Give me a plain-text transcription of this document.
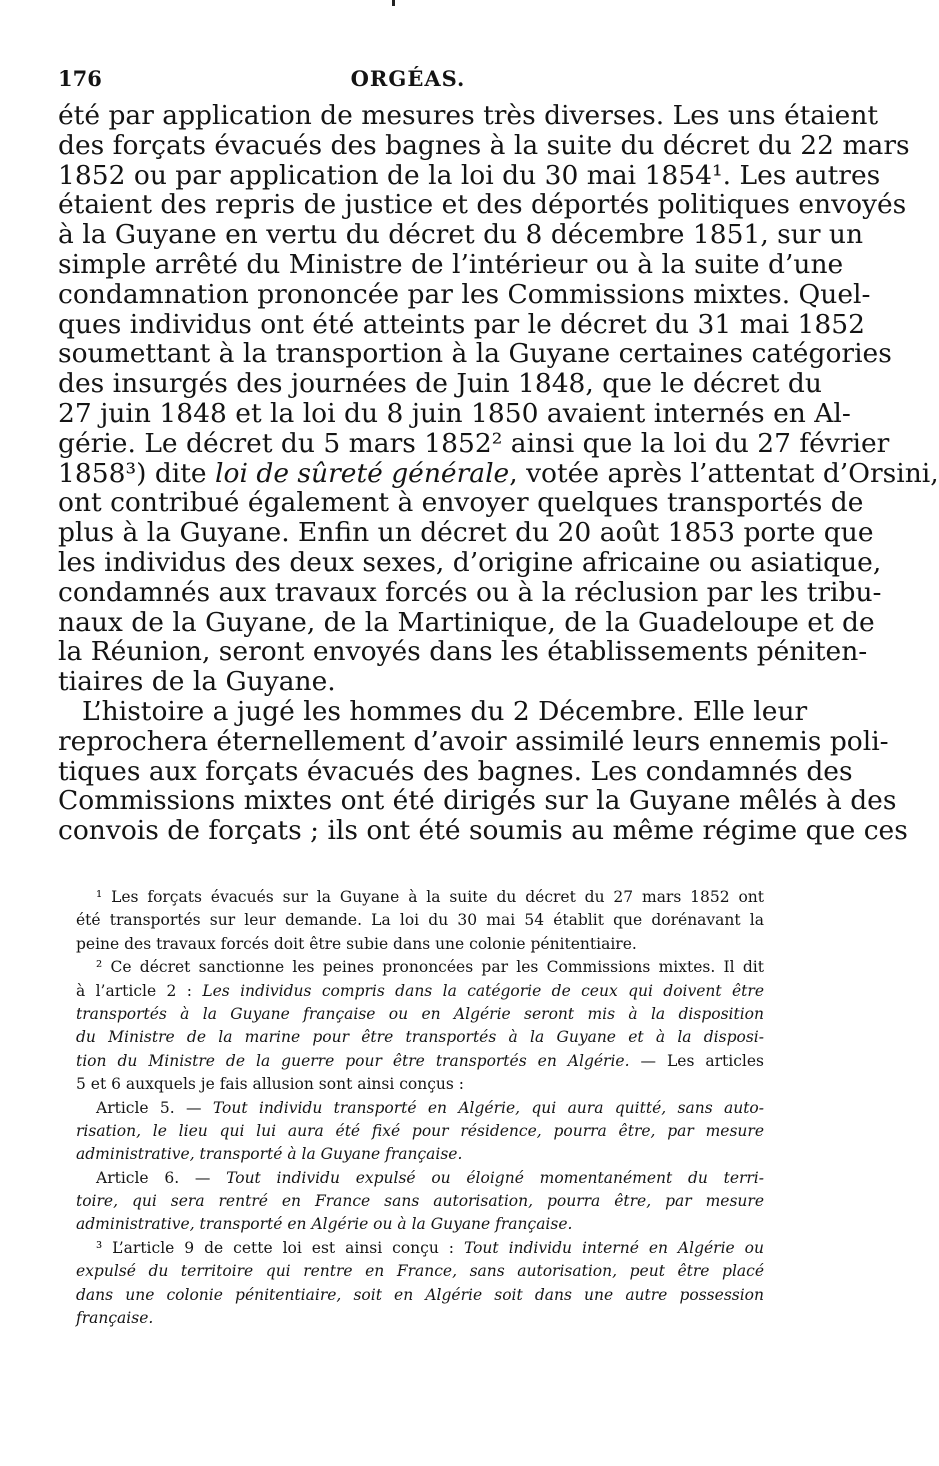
176	ORGÉAS.
été par application de mesures très diverses. Les uns étaient
des forçats évacués des bagnes à la suite du décret du 22 mars
1852 ou par application de la loi du 30 mai 1854¹. Les autres
étaient des repris de justice et des déportés politiques envoyés
à la Guyane en vertu du décret du 8 décembre 1851, sur un
simple arrêté du Ministre de l’intérieur ou à la suite d’une
condamnation prononcée par les Commissions mixtes. Quel-
ques individus ont été atteints par le décret du 31 mai 1852
soumettant à la transportion à la Guyane certaines catégories
des insurgés des journées de Juin 1848, que le décret du
27 juin 1848 et la loi du 8 juin 1850 avaient internés en Al-
gérie. Le décret du 5 mars 1852² ainsi que la loi du 27 février
1858³) dite loi de sûreté générale, votée après l’attentat d’Orsini,
ont contribué également à envoyer quelques transportés de
plus à la Guyane. Enfin un décret du 20 août 1853 porte que
les individus des deux sexes, d’origine africaine ou asiatique,
condamnés aux travaux forcés ou à la réclusion par les tribu-
naux de la Guyane, de la Martinique, de la Guadeloupe et de
la Réunion, seront envoyés dans les établissements péniten-
tiaires de la Guyane.
L’histoire a jugé les hommes du 2 Décembre. Elle leur
reprochera éternellement d’avoir assimilé leurs ennemis poli-
tiques aux forçats évacués des bagnes. Les condamnés des
Commissions mixtes ont été dirigés sur la Guyane mêlés à des
convois de forçats ; ils ont été soumis au même régime que ces
¹ Les forçats évacués sur la Guyane à la suite du décret du 27 mars 1852 ont
été transportés sur leur demande. La loi du 30 mai 54 établit que dorénavant la
peine des travaux forcés doit être subie dans une colonie pénitentiaire.
² Ce décret sanctionne les peines prononcées par les Commissions mixtes. Il dit
à l’article 2 : Les individus compris dans la catégorie de ceux qui doivent être
transportés à la Guyane française ou en Algérie seront mis à la disposition
du Ministre de la marine pour être transportés à la Guyane et à la disposi-
tion du Ministre de la guerre pour être transportés en Algérie. — Les articles
5 et 6 auxquels je fais allusion sont ainsi conçus :
Article 5. — Tout individu transporté en Algérie, qui aura quitté, sans auto-
risation, le lieu qui lui aura été fixé pour résidence, pourra être, par mesure
administrative, transporté à la Guyane française.
Article 6. — Tout individu expulsé ou éloigné momentanément du terri-
toire, qui sera rentré en France sans autorisation, pourra être, par mesure
administrative, transporté en Algérie ou à la Guyane française.
³ L’article 9 de cette loi est ainsi conçu : Tout individu interné en Algérie ou
expulsé du territoire qui rentre en France, sans autorisation, peut être placé
dans une colonie pénitentiaire, soit en Algérie soit dans une autre possession
française.
